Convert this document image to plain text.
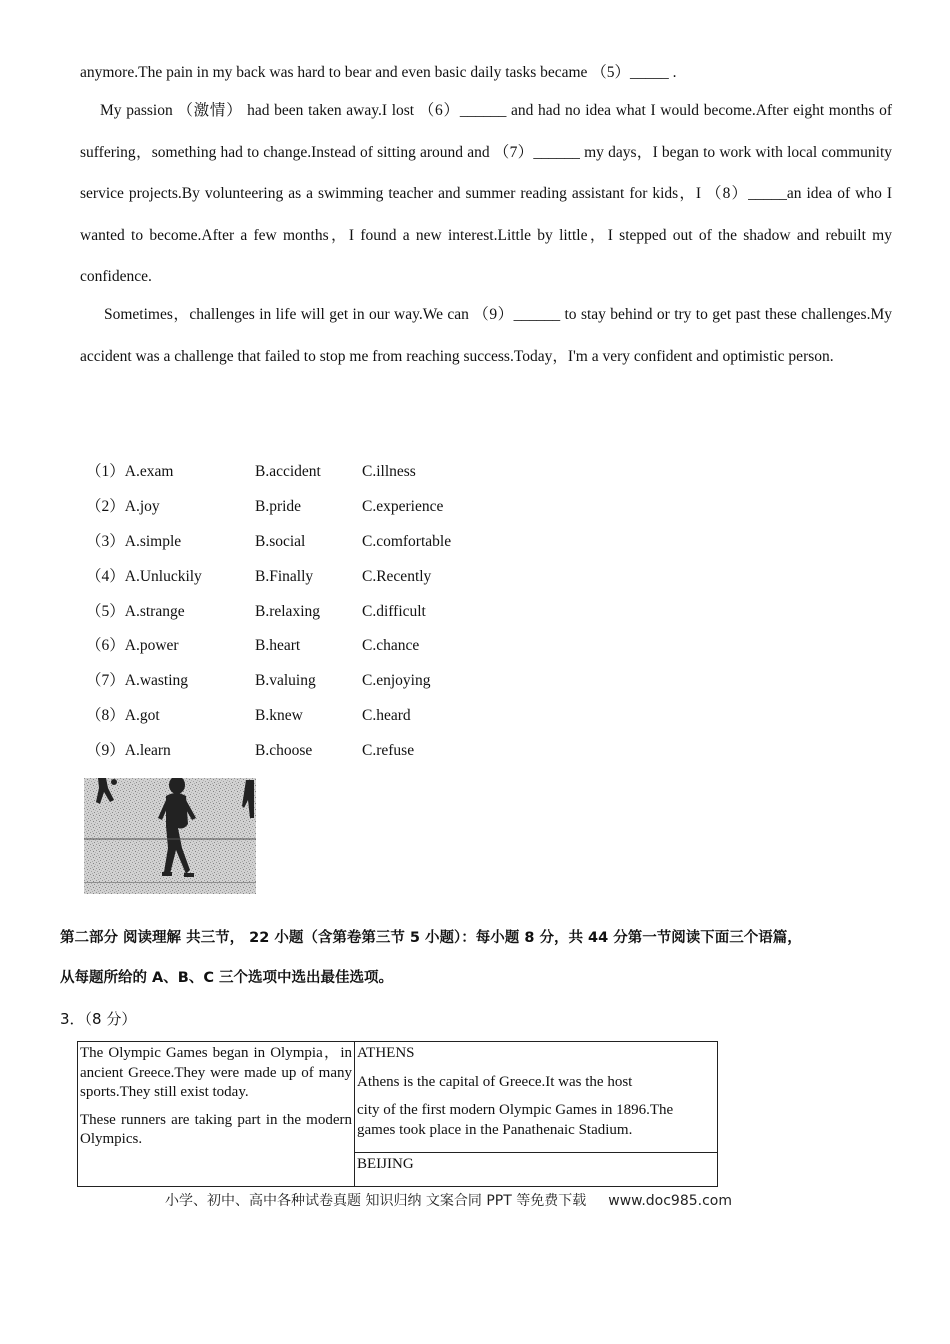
anymore.The pain in my back was hard to bear and even basic daily tasks became （5）_____ .

My passion （激情） had been taken away.I lost （6）______ and had no idea what I would become.After eight months of suffering，something had to change.Instead of sitting around and （7）______ my days，I began to work with local community service projects.By volunteering as a swimming teacher and summer reading assistant for kids，I （8）_____an idea of who I wanted to become.After a few months，I found a new interest.Little by little，I stepped out of the shadow and rebuilt my confidence.

Sometimes，challenges in life will get in our way.We can （9）______ to stay behind or try to get past these challenges.My accident was a challenge that failed to stop me from reaching success.Today，I'm a very confident and optimistic person.

（1）A.exam	B.accident	C.illness
（2）A.joy	B.pride	C.experience
（3）A.simple	B.social	C.comfortable
（4）A.Unluckily	B.Finally	C.Recently
（5）A.strange	B.relaxing	C.difficult
（6）A.power	B.heart	C.chance
（7）A.wasting	B.valuing	C.enjoying
（8）A.got	B.knew	C.heard
（9）A.learn	B.choose	C.refuse
第二部分 阅读理解 共三节， 22 小题（含第卷第三节 5 小题）：每小题 8 分，共 44 分第一节阅读下面三个语篇，
从每题所给的 A、B、C 三个选项中选出最佳选项。
3．（8 分）

The Olympic Games began in Olympia，in ancient Greece.They were made up of many sports.They still exist today.

These runners are taking part in the modern Olympics.

ATHENS

Athens is the capital of Greece.It was the host

city of the first modern Olympic Games in 1896.The games took place in the Panathenaic Stadium.

BEIJING

小学、初中、高中各种试卷真题 知识归纳 文案合同 PPT 等免费下载 www.doc985.com
